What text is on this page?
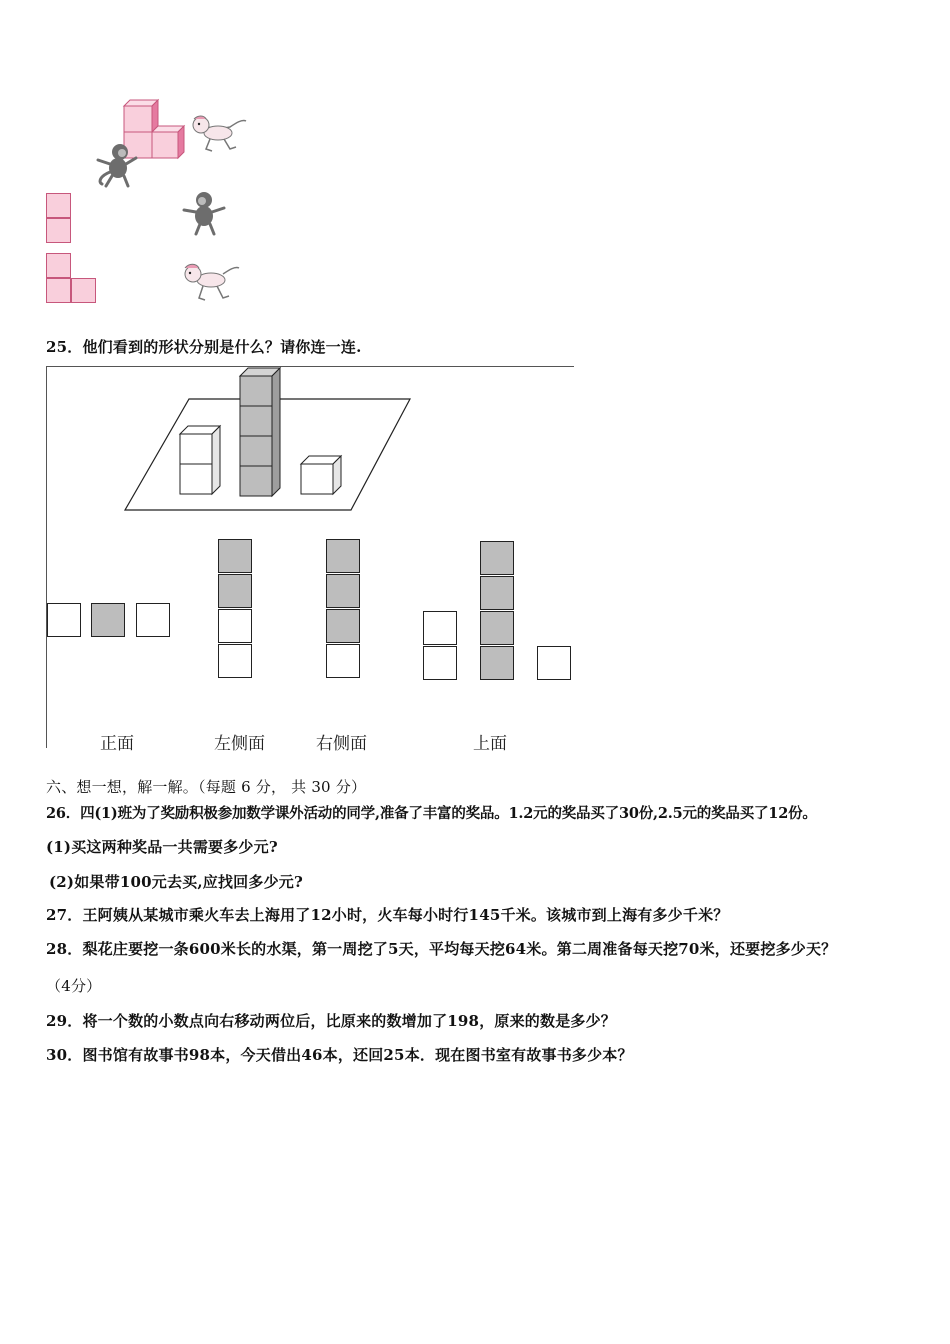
25．他们看到的形状分别是什么？请你连一连.
正面	左侧面	右侧面	上面
六、想一想，解一解。（每题 6 分， 共 30 分）
26．四(1)班为了奖励积极参加数学课外活动的同学,准备了丰富的奖品。1.2元的奖品买了30份,2.5元的奖品买了12份。
(1)买这两种奖品一共需要多少元?
(2)如果带100元去买,应找回多少元?
27．王阿姨从某城市乘火车去上海用了12小时，火车每小时行145千米。该城市到上海有多少千米？
28．梨花庄要挖一条600米长的水渠，第一周挖了5天，平均每天挖64米。第二周准备每天挖70米，还要挖多少天？
（4分）
29．将一个数的小数点向右移动两位后，比原来的数增加了198，原来的数是多少？
30．图书馆有故事书98本，今天借出46本，还回25本．现在图书室有故事书多少本？
